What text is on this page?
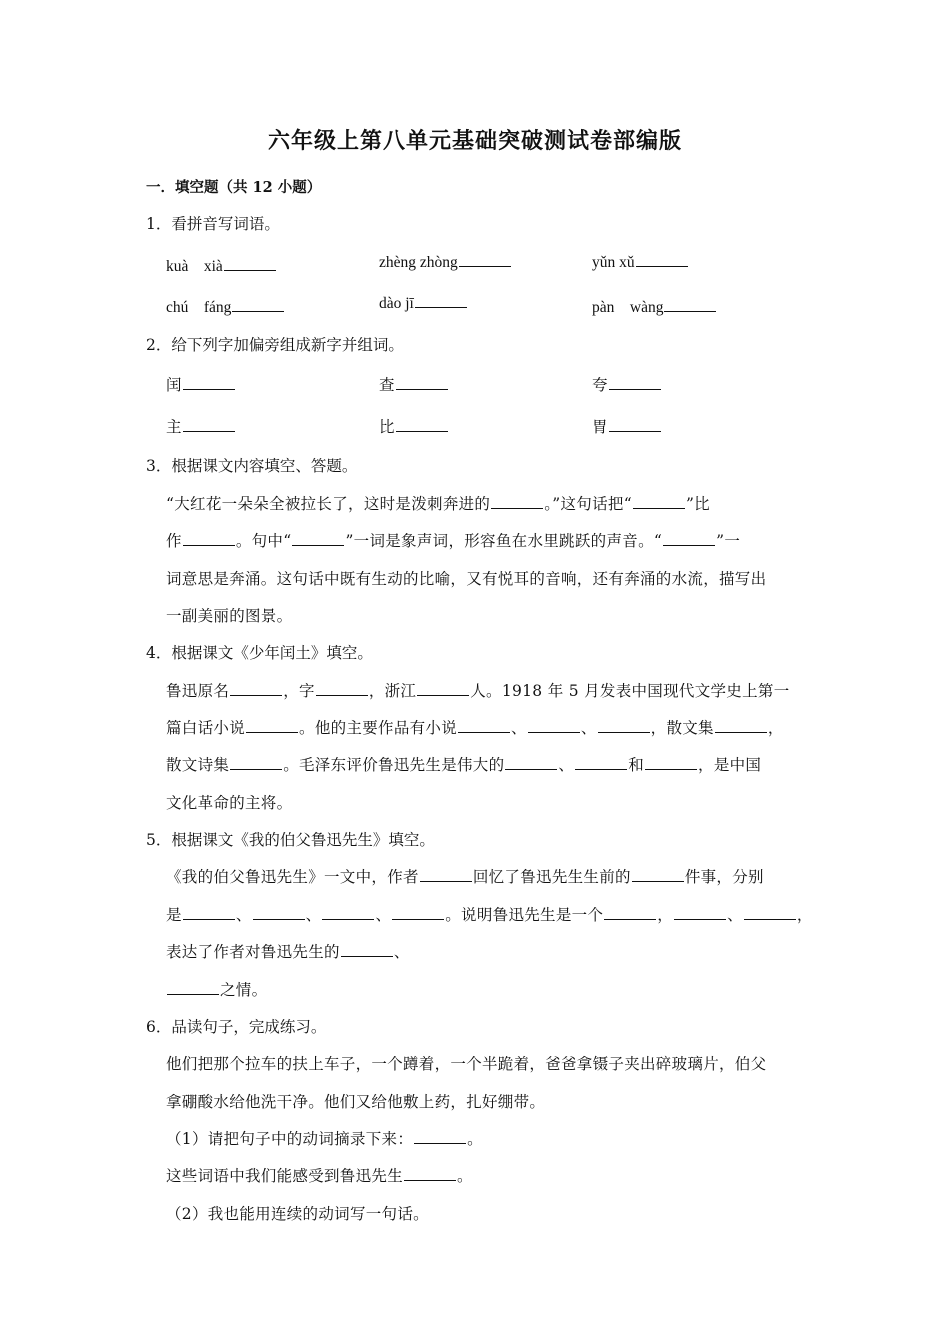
六年级上第八单元基础突破测试卷部编版
一．填空题（共 12 小题）
1．看拼音写词语。
kuà　xià	zhèng zhòng	yǔn xǔ
chú　fáng	dào jī	pàn　wàng
2．给下列字加偏旁组成新字并组词。
闰	查	夸
主	比	胃
3．根据课文内容填空、答题。
“大红花一朵朵全被拉长了，这时是泼刺奔进的	。”这句话把“	”比
作	。句中“	”一词是象声词，形容鱼在水里跳跃的声音。“	”一
词意思是奔涌。这句话中既有生动的比喻，又有悦耳的音响，还有奔涌的水流，描写出
一副美丽的图景。
4．根据课文《少年闰土》填空。
鲁迅原名	，字	，浙江	人。1918 年 5 月发表中国现代文学史上第一
篇白话小说	。他的主要作品有小说	、	、	，散文集	，
散文诗集	。毛泽东评价鲁迅先生是伟大的	、	和	，是中国
文化革命的主将。
5．根据课文《我的伯父鲁迅先生》填空。
《我的伯父鲁迅先生》一文中，作者	回忆了鲁迅先生生前的	件事，分别
是	、	、	、	。说明鲁迅先生是一个	，	、	，
表达了作者对鲁迅先生的	、
之情。
6．品读句子，完成练习。
他们把那个拉车的扶上车子，一个蹲着，一个半跪着，爸爸拿镊子夹出碎玻璃片，伯父
拿硼酸水给他洗干净。他们又给他敷上药，扎好绷带。
（1）请把句子中的动词摘录下来：	。
这些词语中我们能感受到鲁迅先生	。
（2）我也能用连续的动词写一句话。
